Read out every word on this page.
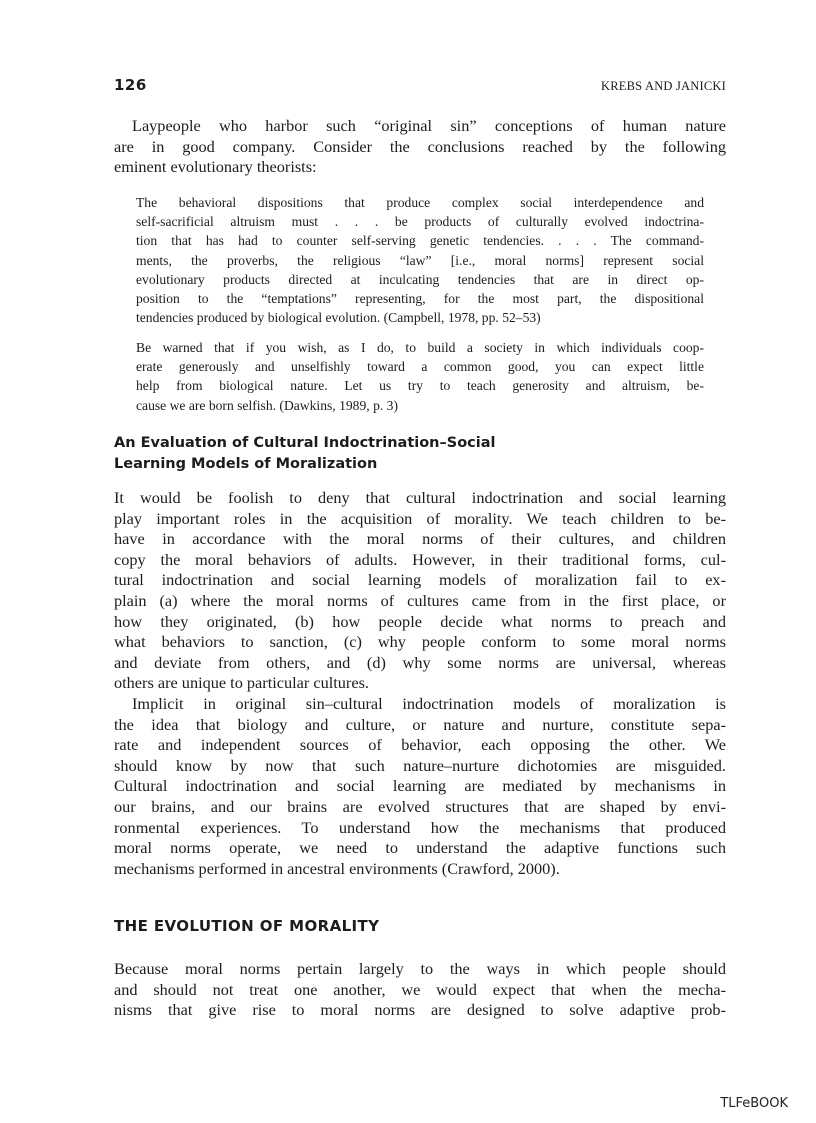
126	KREBS AND JANICKI
Laypeople who harbor such “original sin” conceptions of human nature
are in good company. Consider the conclusions reached by the following
eminent evolutionary theorists:
The behavioral dispositions that produce complex social interdependence and
self-sacrificial altruism must . . . be products of culturally evolved indoctrina-
tion that has had to counter self-serving genetic tendencies. . . . The command-
ments, the proverbs, the religious “law” [i.e., moral norms] represent social
evolutionary products directed at inculcating tendencies that are in direct op-
position to the “temptations” representing, for the most part, the dispositional
tendencies produced by biological evolution. (Campbell, 1978, pp. 52–53)
Be warned that if you wish, as I do, to build a society in which individuals coop-
erate generously and unselfishly toward a common good, you can expect little
help from biological nature. Let us try to teach generosity and altruism, be-
cause we are born selfish. (Dawkins, 1989, p. 3)
An Evaluation of Cultural Indoctrination–Social
Learning Models of Moralization
It would be foolish to deny that cultural indoctrination and social learning
play important roles in the acquisition of morality. We teach children to be-
have in accordance with the moral norms of their cultures, and children
copy the moral behaviors of adults. However, in their traditional forms, cul-
tural indoctrination and social learning models of moralization fail to ex-
plain (a) where the moral norms of cultures came from in the first place, or
how they originated, (b) how people decide what norms to preach and
what behaviors to sanction, (c) why people conform to some moral norms
and deviate from others, and (d) why some norms are universal, whereas
others are unique to particular cultures.
Implicit in original sin–cultural indoctrination models of moralization is
the idea that biology and culture, or nature and nurture, constitute sepa-
rate and independent sources of behavior, each opposing the other. We
should know by now that such nature–nurture dichotomies are misguided.
Cultural indoctrination and social learning are mediated by mechanisms in
our brains, and our brains are evolved structures that are shaped by envi-
ronmental experiences. To understand how the mechanisms that produced
moral norms operate, we need to understand the adaptive functions such
mechanisms performed in ancestral environments (Crawford, 2000).
THE EVOLUTION OF MORALITY
Because moral norms pertain largely to the ways in which people should
and should not treat one another, we would expect that when the mecha-
nisms that give rise to moral norms are designed to solve adaptive prob-
TLFeBOOK
